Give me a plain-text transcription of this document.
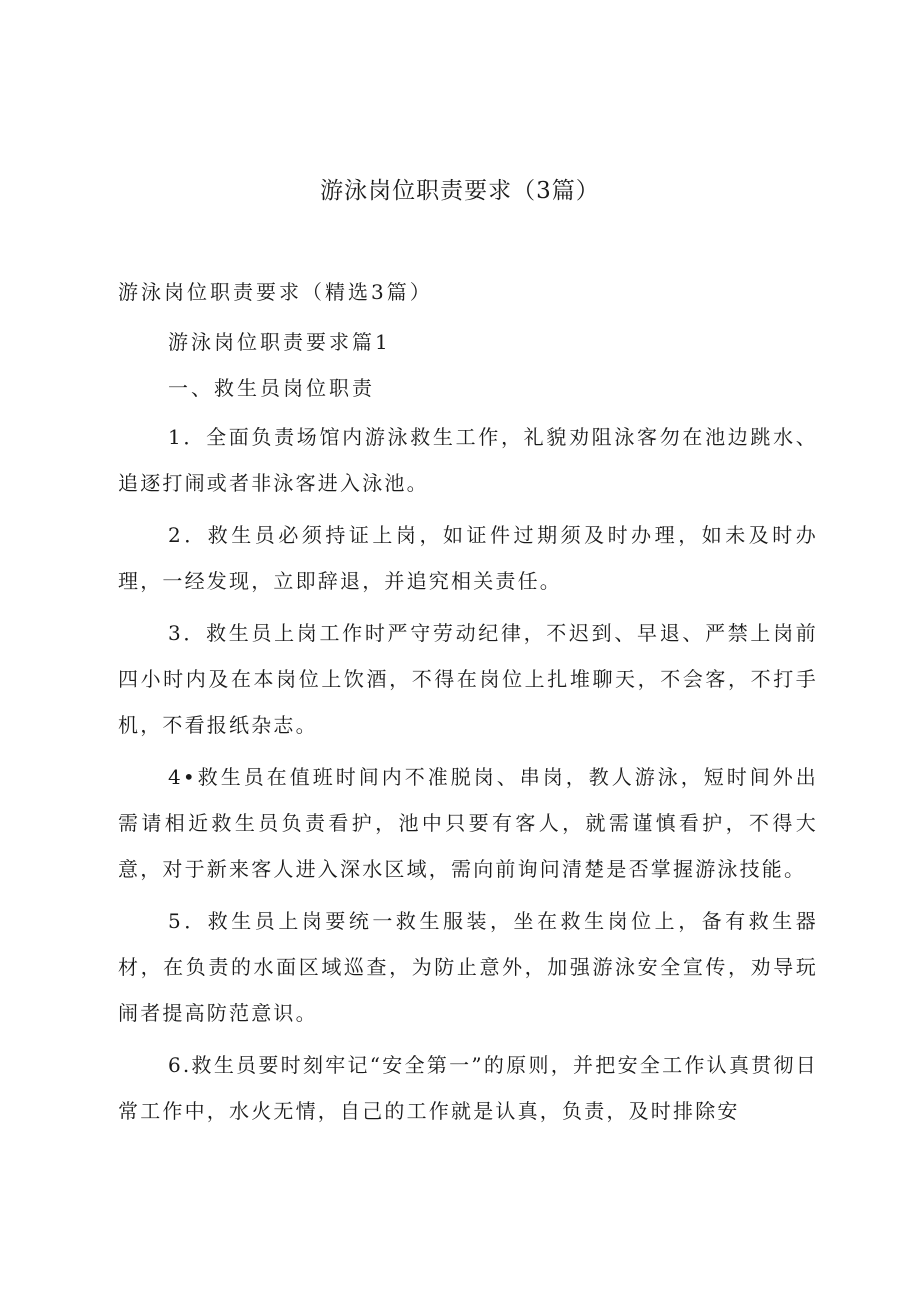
游泳岗位职责要求（3篇）

游泳岗位职责要求（精选3篇）

游泳岗位职责要求篇1

一、救生员岗位职责

1．全面负责场馆内游泳救生工作，礼貌劝阻泳客勿在池边跳水、追逐打闹或者非泳客进入泳池。

2．救生员必须持证上岗，如证件过期须及时办理，如未及时办理，一经发现，立即辞退，并追究相关责任。

3．救生员上岗工作时严守劳动纪律，不迟到、早退、严禁上岗前四小时内及在本岗位上饮酒，不得在岗位上扎堆聊天，不会客，不打手机，不看报纸杂志。

4•救生员在值班时间内不准脱岗、串岗，教人游泳，短时间外出需请相近救生员负责看护，池中只要有客人，就需谨慎看护，不得大意，对于新来客人进入深水区域，需向前询问清楚是否掌握游泳技能。

5．救生员上岗要统一救生服装，坐在救生岗位上，备有救生器材，在负责的水面区域巡查，为防止意外，加强游泳安全宣传，劝导玩闹者提高防范意识。

6.救生员要时刻牢记“安全第一”的原则，并把安全工作认真贯彻日常工作中，水火无情，自己的工作就是认真，负责，及时排除安
